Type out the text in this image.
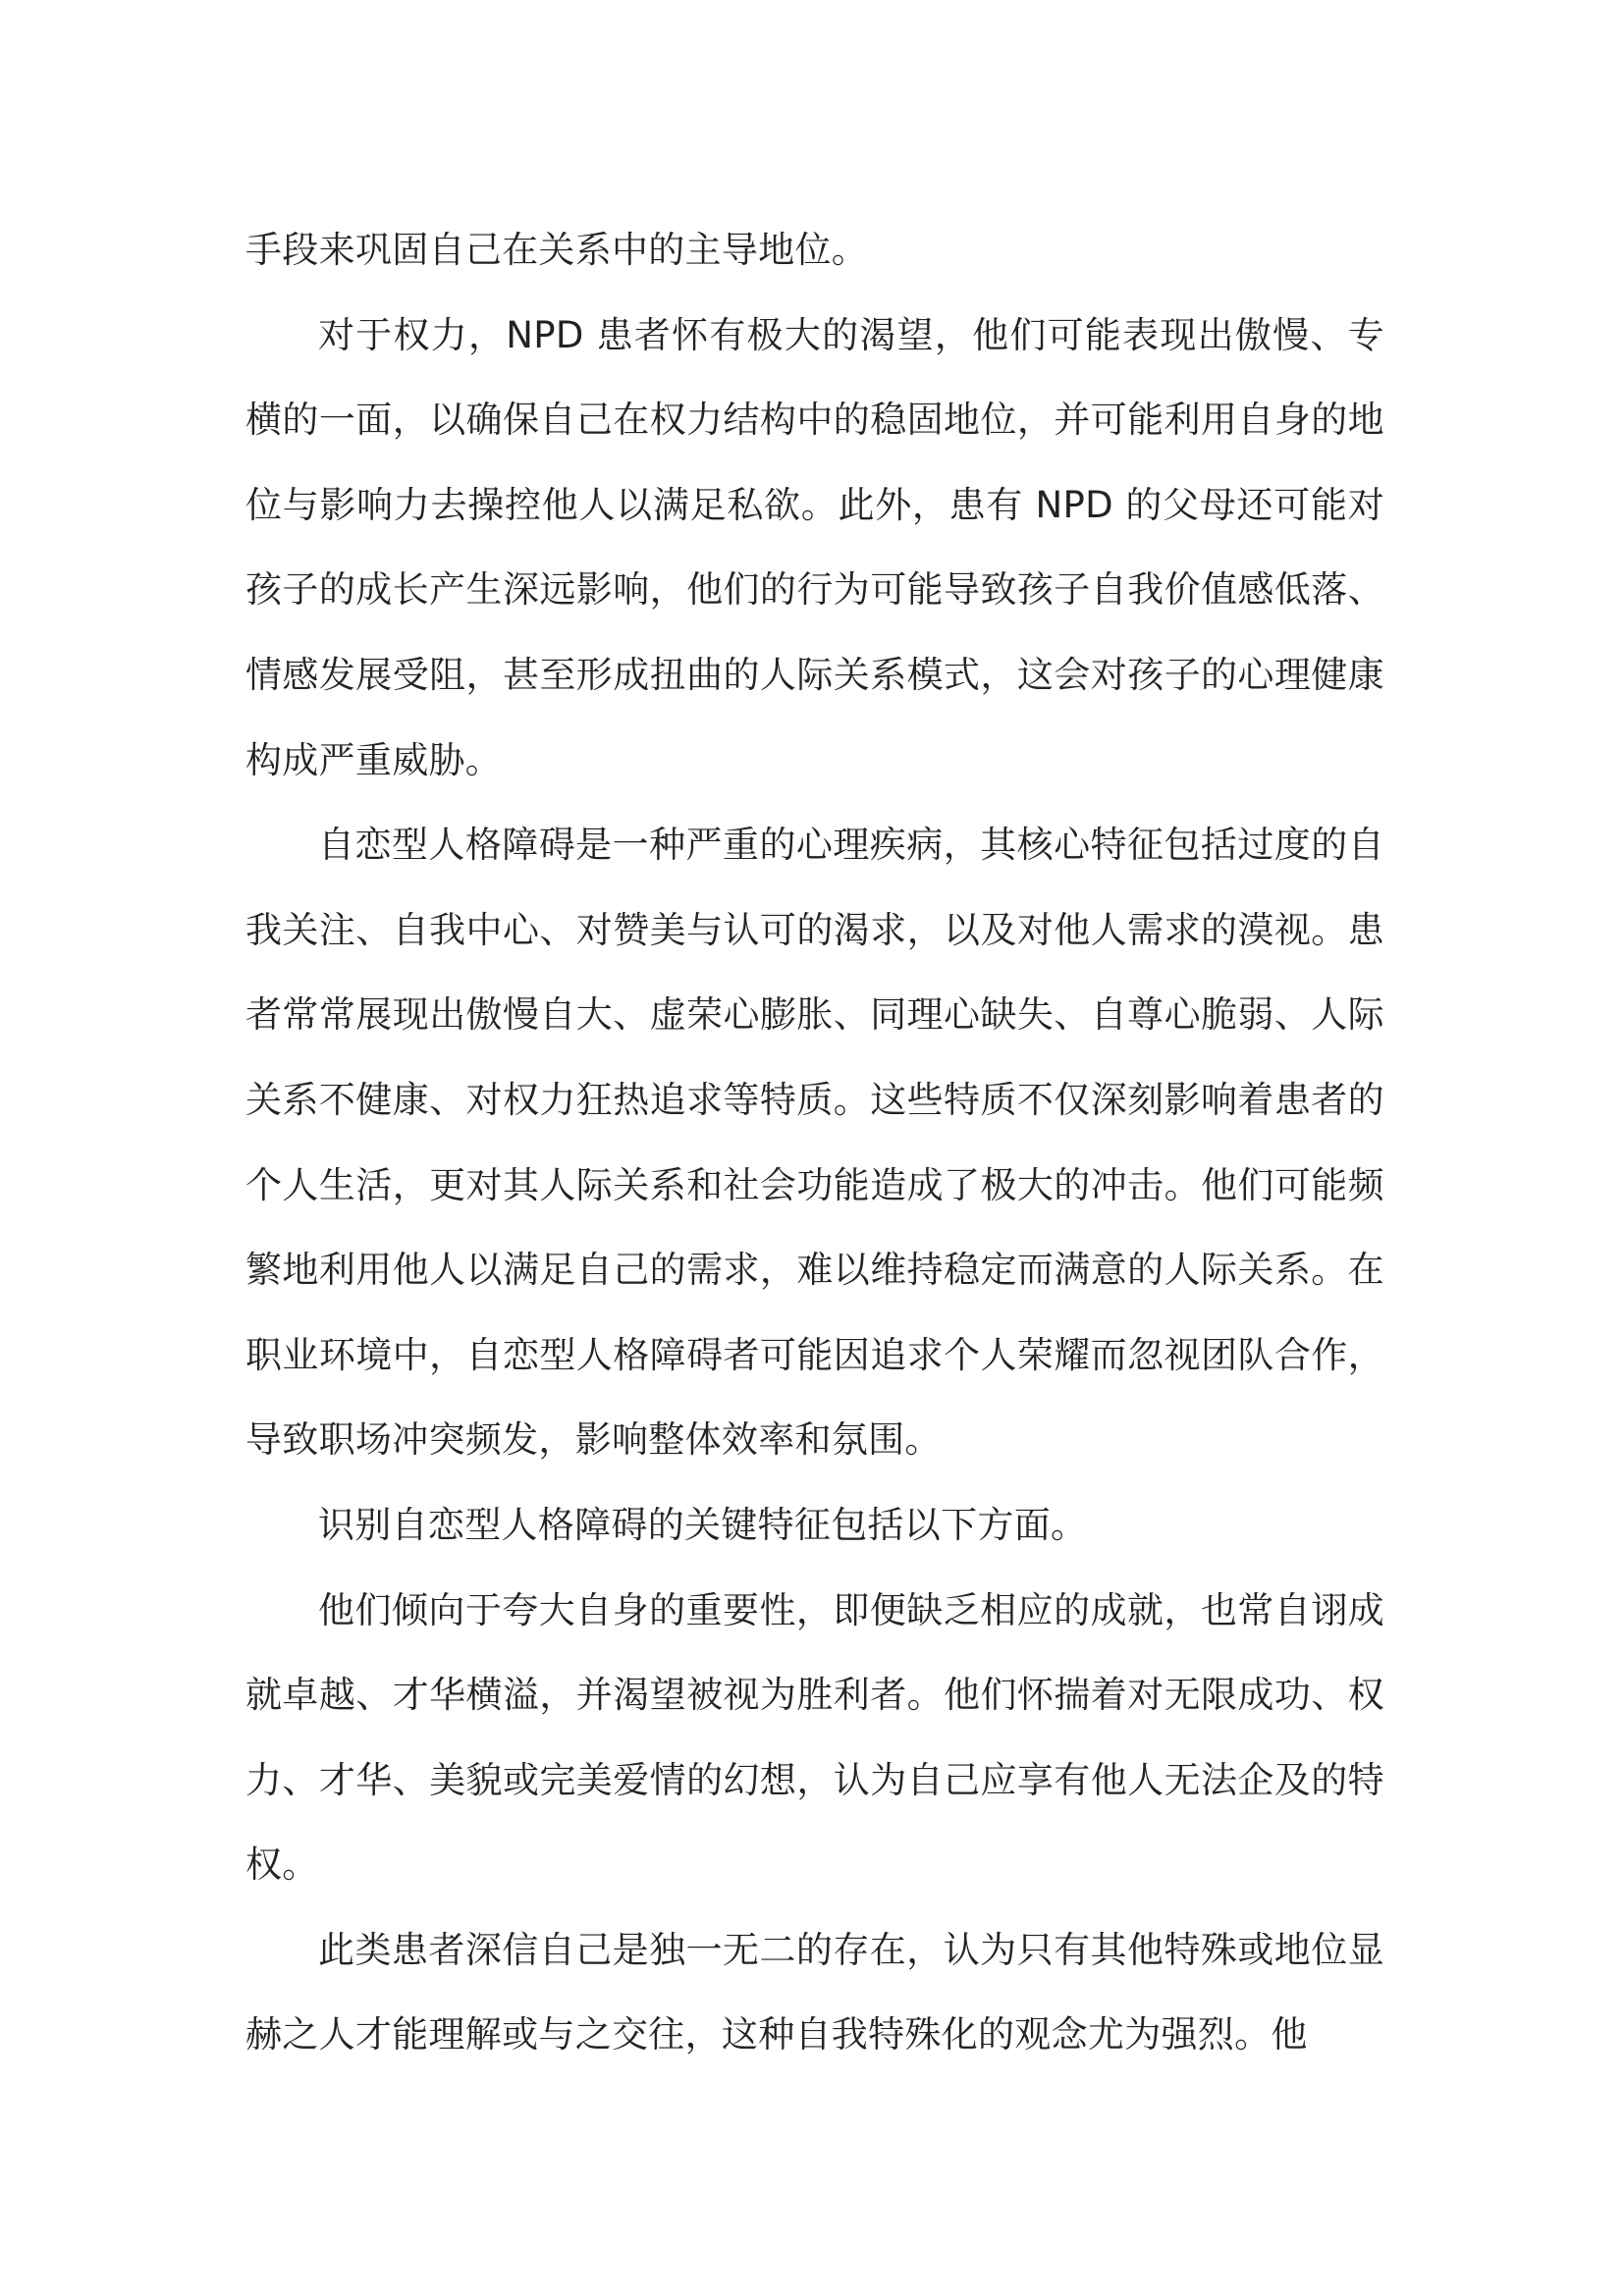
手段来巩固自己在关系中的主导地位。

对于权力，NPD 患者怀有极大的渴望，他们可能表现出傲慢、专横的一面，以确保自己在权力结构中的稳固地位，并可能利用自身的地位与影响力去操控他人以满足私欲。此外，患有 NPD 的父母还可能对孩子的成长产生深远影响，他们的行为可能导致孩子自我价值感低落、情感发展受阻，甚至形成扭曲的人际关系模式，这会对孩子的心理健康构成严重威胁。

自恋型人格障碍是一种严重的心理疾病，其核心特征包括过度的自我关注、自我中心、对赞美与认可的渴求，以及对他人需求的漠视。患者常常展现出傲慢自大、虚荣心膨胀、同理心缺失、自尊心脆弱、人际关系不健康、对权力狂热追求等特质。这些特质不仅深刻影响着患者的个人生活，更对其人际关系和社会功能造成了极大的冲击。他们可能频繁地利用他人以满足自己的需求，难以维持稳定而满意的人际关系。在职业环境中，自恋型人格障碍者可能因追求个人荣耀而忽视团队合作，导致职场冲突频发，影响整体效率和氛围。

识别自恋型人格障碍的关键特征包括以下方面。

他们倾向于夸大自身的重要性，即便缺乏相应的成就，也常自诩成就卓越、才华横溢，并渴望被视为胜利者。他们怀揣着对无限成功、权力、才华、美貌或完美爱情的幻想，认为自己应享有他人无法企及的特权。

此类患者深信自己是独一无二的存在，认为只有其他特殊或地位显赫之人才能理解或与之交往，这种自我特殊化的观念尤为强烈。他
